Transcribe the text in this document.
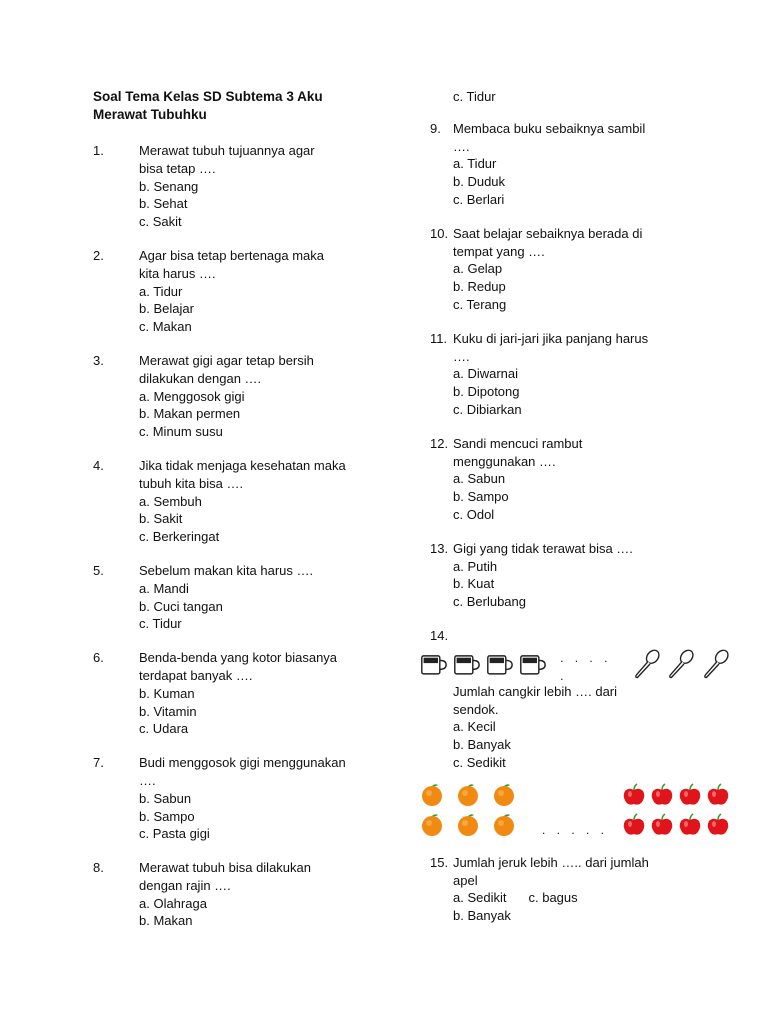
Soal Tema Kelas SD Subtema 3 Aku
Merawat Tubuhku
1.	Merawat tubuh tujuannya agar
bisa tetap ….
b. Senang
b. Sehat
c. Sakit
2.	Agar bisa tetap bertenaga maka
kita harus ….
a. Tidur
b. Belajar
c. Makan
3.	Merawat gigi agar tetap bersih
dilakukan dengan ….
a. Menggosok gigi
b. Makan permen
c. Minum susu
4.	Jika tidak menjaga kesehatan maka
tubuh kita bisa ….
a. Sembuh
b. Sakit
c. Berkeringat
5.	Sebelum makan kita harus ….
a. Mandi
b. Cuci tangan
c. Tidur
6.	Benda-benda yang kotor biasanya
terdapat banyak ….
b. Kuman
b. Vitamin
c. Udara
7.	Budi menggosok gigi menggunakan
….
b. Sabun
b. Sampo
c. Pasta gigi
8.	Merawat tubuh bisa dilakukan
dengan rajin ….
a. Olahraga
b. Makan
c. Tidur
9. Membaca buku sebaiknya sambil
….
a. Tidur
b. Duduk
c. Berlari
10. Saat belajar sebaiknya berada di
tempat yang ….
a. Gelap
b. Redup
c. Terang
11. Kuku di jari-jari jika panjang harus
….
a. Diwarnai
b. Dipotong
c. Dibiarkan
12. Sandi mencuci rambut
menggunakan ….
a. Sabun
b. Sampo
c. Odol
13. Gigi yang tidak terawat bisa ….
a. Putih
b. Kuat
c. Berlubang
14.
. . . . .
Jumlah cangkir lebih …. dari
sendok.
a. Kecil
b. Banyak
c. Sedikit
. . . . .
15. Jumlah jeruk lebih ….. dari jumlah
apel
a. Sedikit c. bagus
b. Banyak
